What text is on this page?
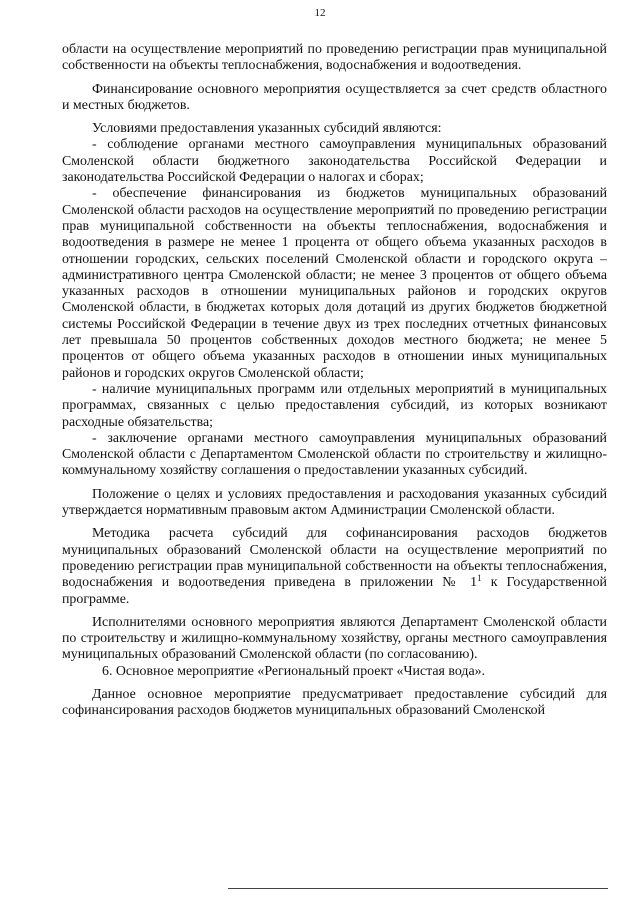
12

области на осуществление мероприятий по проведению регистрации прав муниципальной собственности на объекты теплоснабжения, водоснабжения и водоотведения.

Финансирование основного мероприятия осуществляется за счет средств областного и местных бюджетов.

Условиями предоставления указанных субсидий являются:

- соблюдение органами местного самоуправления муниципальных образований Смоленской области бюджетного законодательства Российской Федерации и законодательства Российской Федерации о налогах и сборах;

- обеспечение финансирования из бюджетов муниципальных образований Смоленской области расходов на осуществление мероприятий по проведению регистрации прав муниципальной собственности на объекты теплоснабжения, водоснабжения и водоотведения в размере не менее 1 процента от общего объема указанных расходов в отношении городских, сельских поселений Смоленской области и городского округа – административного центра Смоленской области; не менее 3 процентов от общего объема указанных расходов в отношении муниципальных районов и городских округов Смоленской области, в бюджетах которых доля дотаций из других бюджетов бюджетной системы Российской Федерации в течение двух из трех последних отчетных финансовых лет превышала 50 процентов собственных доходов местного бюджета; не менее 5 процентов от общего объема указанных расходов в отношении иных муниципальных районов и городских округов Смоленской области;

- наличие муниципальных программ или отдельных мероприятий в муниципальных программах, связанных с целью предоставления субсидий, из которых возникают расходные обязательства;

- заключение органами местного самоуправления муниципальных образований Смоленской области с Департаментом Смоленской области по строительству и жилищно-коммунальному хозяйству соглашения о предоставлении указанных субсидий.

Положение о целях и условиях предоставления и расходования указанных субсидий утверждается нормативным правовым актом Администрации Смоленской области.

Методика расчета субсидий для софинансирования расходов бюджетов муниципальных образований Смоленской области на осуществление мероприятий по проведению регистрации прав муниципальной собственности на объекты теплоснабжения, водоснабжения и водоотведения приведена в приложении № $1^1$ к Государственной программе.

Исполнителями основного мероприятия являются Департамент Смоленской области по строительству и жилищно-коммунальному хозяйству, органы местного самоуправления муниципальных образований Смоленской области (по согласованию).

6. Основное мероприятие «Региональный проект «Чистая вода».

Данное основное мероприятие предусматривает предоставление субсидий для софинансирования расходов бюджетов муниципальных образований Смоленской
